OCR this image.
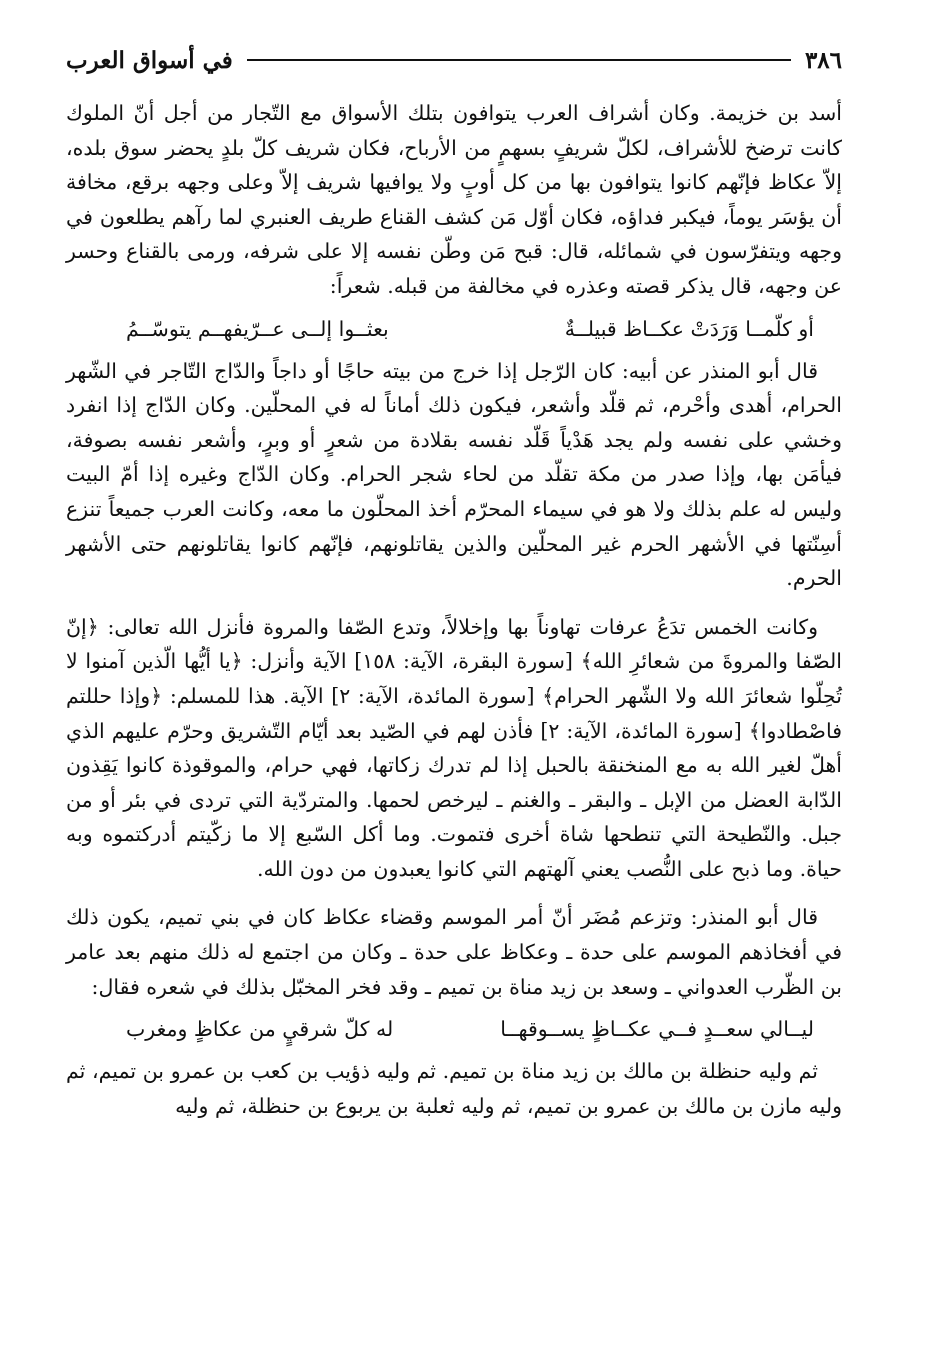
٣٨٦
في أسواق العرب

أسد بن خزيمة. وكان أشراف العرب يتوافون بتلك الأسواق مع التّجار من أجل أنّ الملوك كانت ترضخ للأشراف، لكلّ شريفٍ بسهمٍ من الأرباح، فكان شريف كلّ بلدٍ يحضر سوق بلده، إلاّ عكاظ فإنّهم كانوا يتوافون بها من كل أوبٍ ولا يوافيها شريف إلاّ وعلى وجهه برقع، مخافة أن يؤسَر يوماً، فيكبر فداؤه، فكان أوّل مَن كشف القناع طريف العنبري لما رآهم يطلعون في وجهه ويتفرّسون في شمائله، قال: قبح مَن وطّن نفسه إلا على شرفه، ورمى بالقناع وحسر عن وجهه، قال يذكر قصته وعذره في مخالفة من قبله. شعراً:

أو كلّمــا وَرَدَتْ عكــاظ قبيلــةٌ
بعثــوا إلــى عــرّيفهــم يتوسّــمُ

قال أبو المنذر عن أبيه: كان الرّجل إذا خرج من بيته حاجًا أو داجاً والدّاج التّاجر في الشّهر الحرام، أهدى وأحْرم، ثم قلّد وأشعر، فيكون ذلك أماناً له في المحلّين. وكان الدّاج إذا انفرد وخشي على نفسه ولم يجد هَدْياً قَلّد نفسه بقلادة من شعرٍ أو وبرٍ، وأشعر نفسه بصوفة، فيأمَن بها، وإذا صدر من مكة تقلّد من لحاء شجر الحرام. وكان الدّاج وغيره إذا أمّ البيت وليس له علم بذلك ولا هو في سيماء المحرّم أخذ المحلّون ما معه، وكانت العرب جميعاً تنزع أسِنّتها في الأشهر الحرم غير المحلّين والذين يقاتلونهم، فإنّهم كانوا يقاتلونهم حتى الأشهر الحرم.

وكانت الخمس تدَعُ عرفات تهاوناً بها وإخلالاً، وتدع الصّفا والمروة فأنزل الله تعالى: ﴿إنّ الصّفا والمروةَ من شعائرِ الله﴾ [سورة البقرة، الآية: ١٥٨] الآية وأنزل: ﴿يا أيُّها الّذين آمنوا لا تُحِلّوا شعائرَ الله ولا الشّهر الحرام﴾ [سورة المائدة، الآية: ٢] الآية. هذا للمسلم: ﴿وإذا حللتم فاصْطادوا﴾ [سورة المائدة، الآية: ٢] فأذن لهم في الصّيد بعد أيّام التّشريق وحرّم عليهم الذي أهلّ لغير الله به مع المنخنقة بالحبل إذا لم تدرك زكاتها، فهي حرام، والموقوذة كانوا يَقِذون الدّابة العضل من الإبل ـ والبقر ـ والغنم ـ ليرخص لحمها. والمتردّية التي تردى في بئر أو من جبل. والنّطيحة التي تنطحها شاة أخرى فتموت. وما أكل السّبع إلا ما زكّيتم أدركتموه وبه حياة. وما ذبح على النُّصب يعني آلهتهم التي كانوا يعبدون من دون الله.

قال أبو المنذر: وتزعم مُضَر أنّ أمر الموسم وقضاء عكاظ كان في بني تميم، يكون ذلك في أفخاذهم الموسم على حدة ـ وعكاظ على حدة ـ وكان من اجتمع له ذلك منهم بعد عامر بن الظّرب العدواني ـ وسعد بن زيد مناة بن تميم ـ وقد فخر المخبّل بذلك في شعره فقال:

ليــالي سعــدٍ فــي عكــاظٍ يســوقهــا
له كلّ شرقيٍ من عكاظٍ ومغرب

ثم وليه حنظلة بن مالك بن زيد مناة بن تميم. ثم وليه ذؤيب بن كعب بن عمرو بن تميم، ثم وليه مازن بن مالك بن عمرو بن تميم، ثم وليه ثعلبة بن يربوع بن حنظلة، ثم وليه
